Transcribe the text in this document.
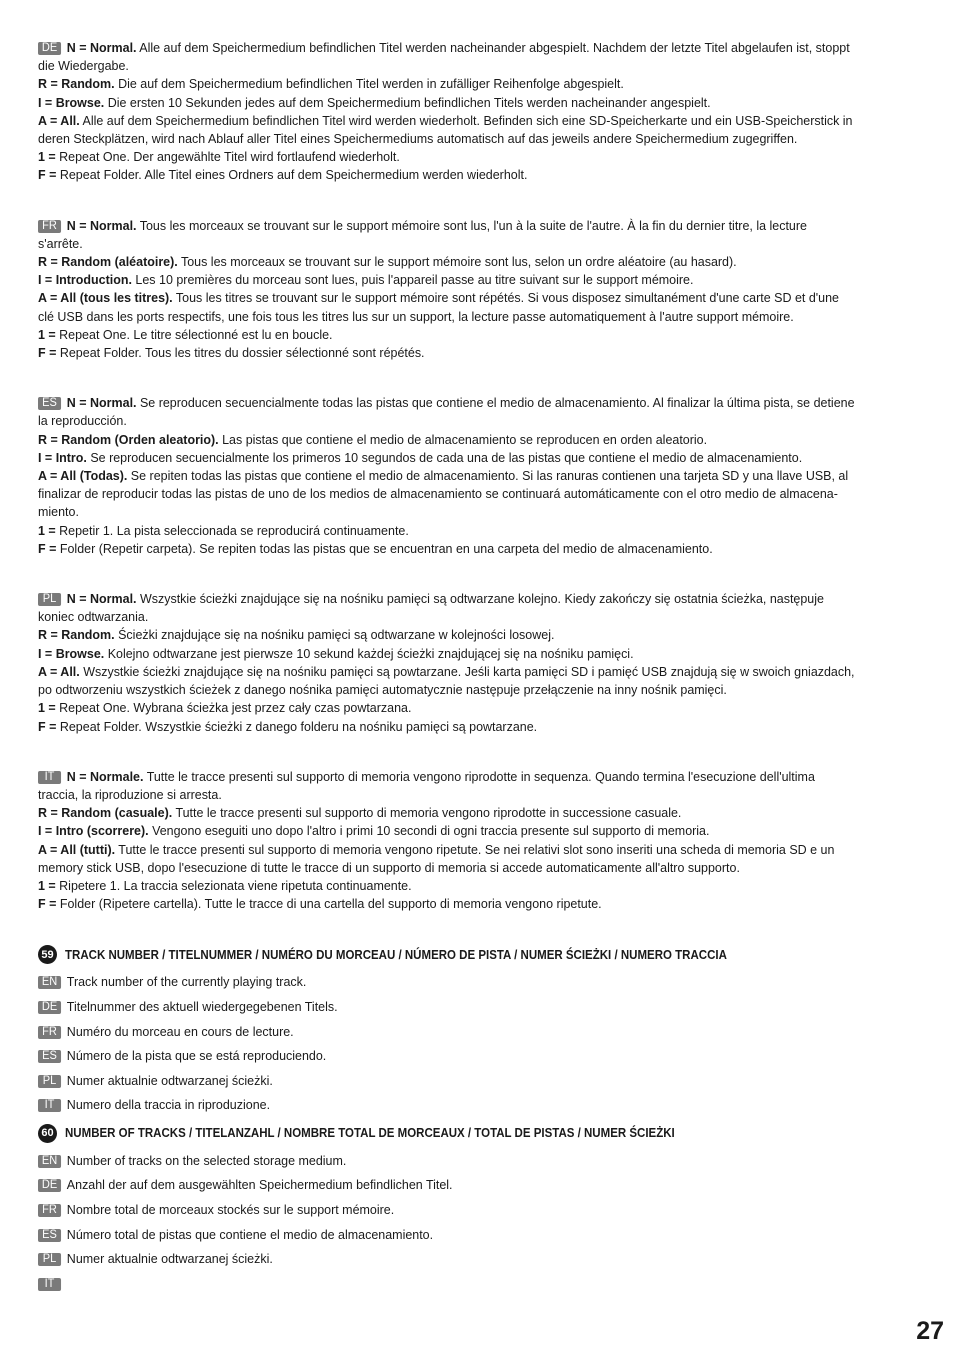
DE N = Normal. Alle auf dem Speichermedium befindlichen Titel werden nacheinander abgespielt. Nachdem der letzte Titel abgelaufen ist, stoppt
die Wiedergabe.
R = Random. Die auf dem Speichermedium befindlichen Titel werden in zufälliger Reihenfolge abgespielt.
I = Browse. Die ersten 10 Sekunden jedes auf dem Speichermedium befindlichen Titels werden nacheinander angespielt.
A = All. Alle auf dem Speichermedium befindlichen Titel wird werden wiederholt. Befinden sich eine SD-Speicherkarte und ein USB-Speicherstick in
deren Steckplätzen, wird nach Ablauf aller Titel eines Speichermediums automatisch auf das jeweils andere Speichermedium zugegriffen.
1 = Repeat One. Der angewählte Titel wird fortlaufend wiederholt.
F = Repeat Folder. Alle Titel eines Ordners auf dem Speichermedium werden wiederholt.
FR N = Normal. Tous les morceaux se trouvant sur le support mémoire sont lus, l'un à la suite de l'autre. À la fin du dernier titre, la lecture
s'arrête.
R = Random (aléatoire). Tous les morceaux se trouvant sur le support mémoire sont lus, selon un ordre aléatoire (au hasard).
I = Introduction. Les 10 premières du morceau sont lues, puis l'appareil passe au titre suivant sur le support mémoire.
A = All (tous les titres). Tous les titres se trouvant sur le support mémoire sont répétés. Si vous disposez simultanément d'une carte SD et d'une
clé USB dans les ports respectifs, une fois tous les titres lus sur un support, la lecture passe automatiquement à l'autre support mémoire.
1 = Repeat One. Le titre sélectionné est lu en boucle.
F = Repeat Folder. Tous les titres du dossier sélectionné sont répétés.
ES N = Normal. Se reproducen secuencialmente todas las pistas que contiene el medio de almacenamiento. Al finalizar la última pista, se detiene
la reproducción.
R = Random (Orden aleatorio). Las pistas que contiene el medio de almacenamiento se reproducen en orden aleatorio.
I = Intro. Se reproducen secuencialmente los primeros 10 segundos de cada una de las pistas que contiene el medio de almacenamiento.
A = All (Todas). Se repiten todas las pistas que contiene el medio de almacenamiento. Si las ranuras contienen una tarjeta SD y una llave USB, al
finalizar de reproducir todas las pistas de uno de los medios de almacenamiento se continuará automáticamente con el otro medio de almacena-
miento.
1 = Repetir 1. La pista seleccionada se reproducirá continuamente.
F = Folder (Repetir carpeta). Se repiten todas las pistas que se encuentran en una carpeta del medio de almacenamiento.
PL N = Normal. Wszystkie ścieżki znajdujące się na nośniku pamięci są odtwarzane kolejno. Kiedy zakończy się ostatnia ścieżka, następuje
koniec odtwarzania.
R = Random. Ścieżki znajdujące się na nośniku pamięci są odtwarzane w kolejności losowej.
I = Browse. Kolejno odtwarzane jest pierwsze 10 sekund każdej ścieżki znajdującej się na nośniku pamięci.
A = All. Wszystkie ścieżki znajdujące się na nośniku pamięci są powtarzane. Jeśli karta pamięci SD i pamięć USB znajdują się w swoich gniazdach,
po odtworzeniu wszystkich ścieżek z danego nośnika pamięci automatycznie następuje przełączenie na inny nośnik pamięci.
1 = Repeat One. Wybrana ścieżka jest przez cały czas powtarzana.
F = Repeat Folder. Wszystkie ścieżki z danego folderu na nośniku pamięci są powtarzane.
IT N = Normale. Tutte le tracce presenti sul supporto di memoria vengono riprodotte in sequenza. Quando termina l'esecuzione dell'ultima
traccia, la riproduzione si arresta.
R = Random (casuale). Tutte le tracce presenti sul supporto di memoria vengono riprodotte in successione casuale.
I = Intro (scorrere). Vengono eseguiti uno dopo l'altro i primi 10 secondi di ogni traccia presente sul supporto di memoria.
A = All (tutti). Tutte le tracce presenti sul supporto di memoria vengono ripetute. Se nei relativi slot sono inseriti una scheda di memoria SD e un
memory stick USB, dopo l'esecuzione di tutte le tracce di un supporto di memoria si accede automaticamente all'altro supporto.
1 = Ripetere 1. La traccia selezionata viene ripetuta continuamente.
F = Folder (Ripetere cartella). Tutte le tracce di una cartella del supporto di memoria vengono ripetute.
59 TRACK NUMBER / TITELNUMMER / NUMÉRO DU MORCEAU / NÚMERO DE PISTA / NUMER ŚCIEŻKI / NUMERO TRACCIA
EN Track number of the currently playing track.
DE Titelnummer des aktuell wiedergegebenen Titels.
FR Numéro du morceau en cours de lecture.
ES Número de la pista que se está reproduciendo.
PL Numer aktualnie odtwarzanej ścieżki.
IT Numero della traccia in riproduzione.
60 NUMBER OF TRACKS / TITELANZAHL / NOMBRE TOTAL DE MORCEAUX / TOTAL DE PISTAS / NUMER ŚCIEŻKI
EN Number of tracks on the selected storage medium.
DE Anzahl der auf dem ausgewählten Speichermedium befindlichen Titel.
FR Nombre total de morceaux stockés sur le support mémoire.
ES Número total de pistas que contiene el medio de almacenamiento.
PL Numer aktualnie odtwarzanej ścieżki.
IT
27
